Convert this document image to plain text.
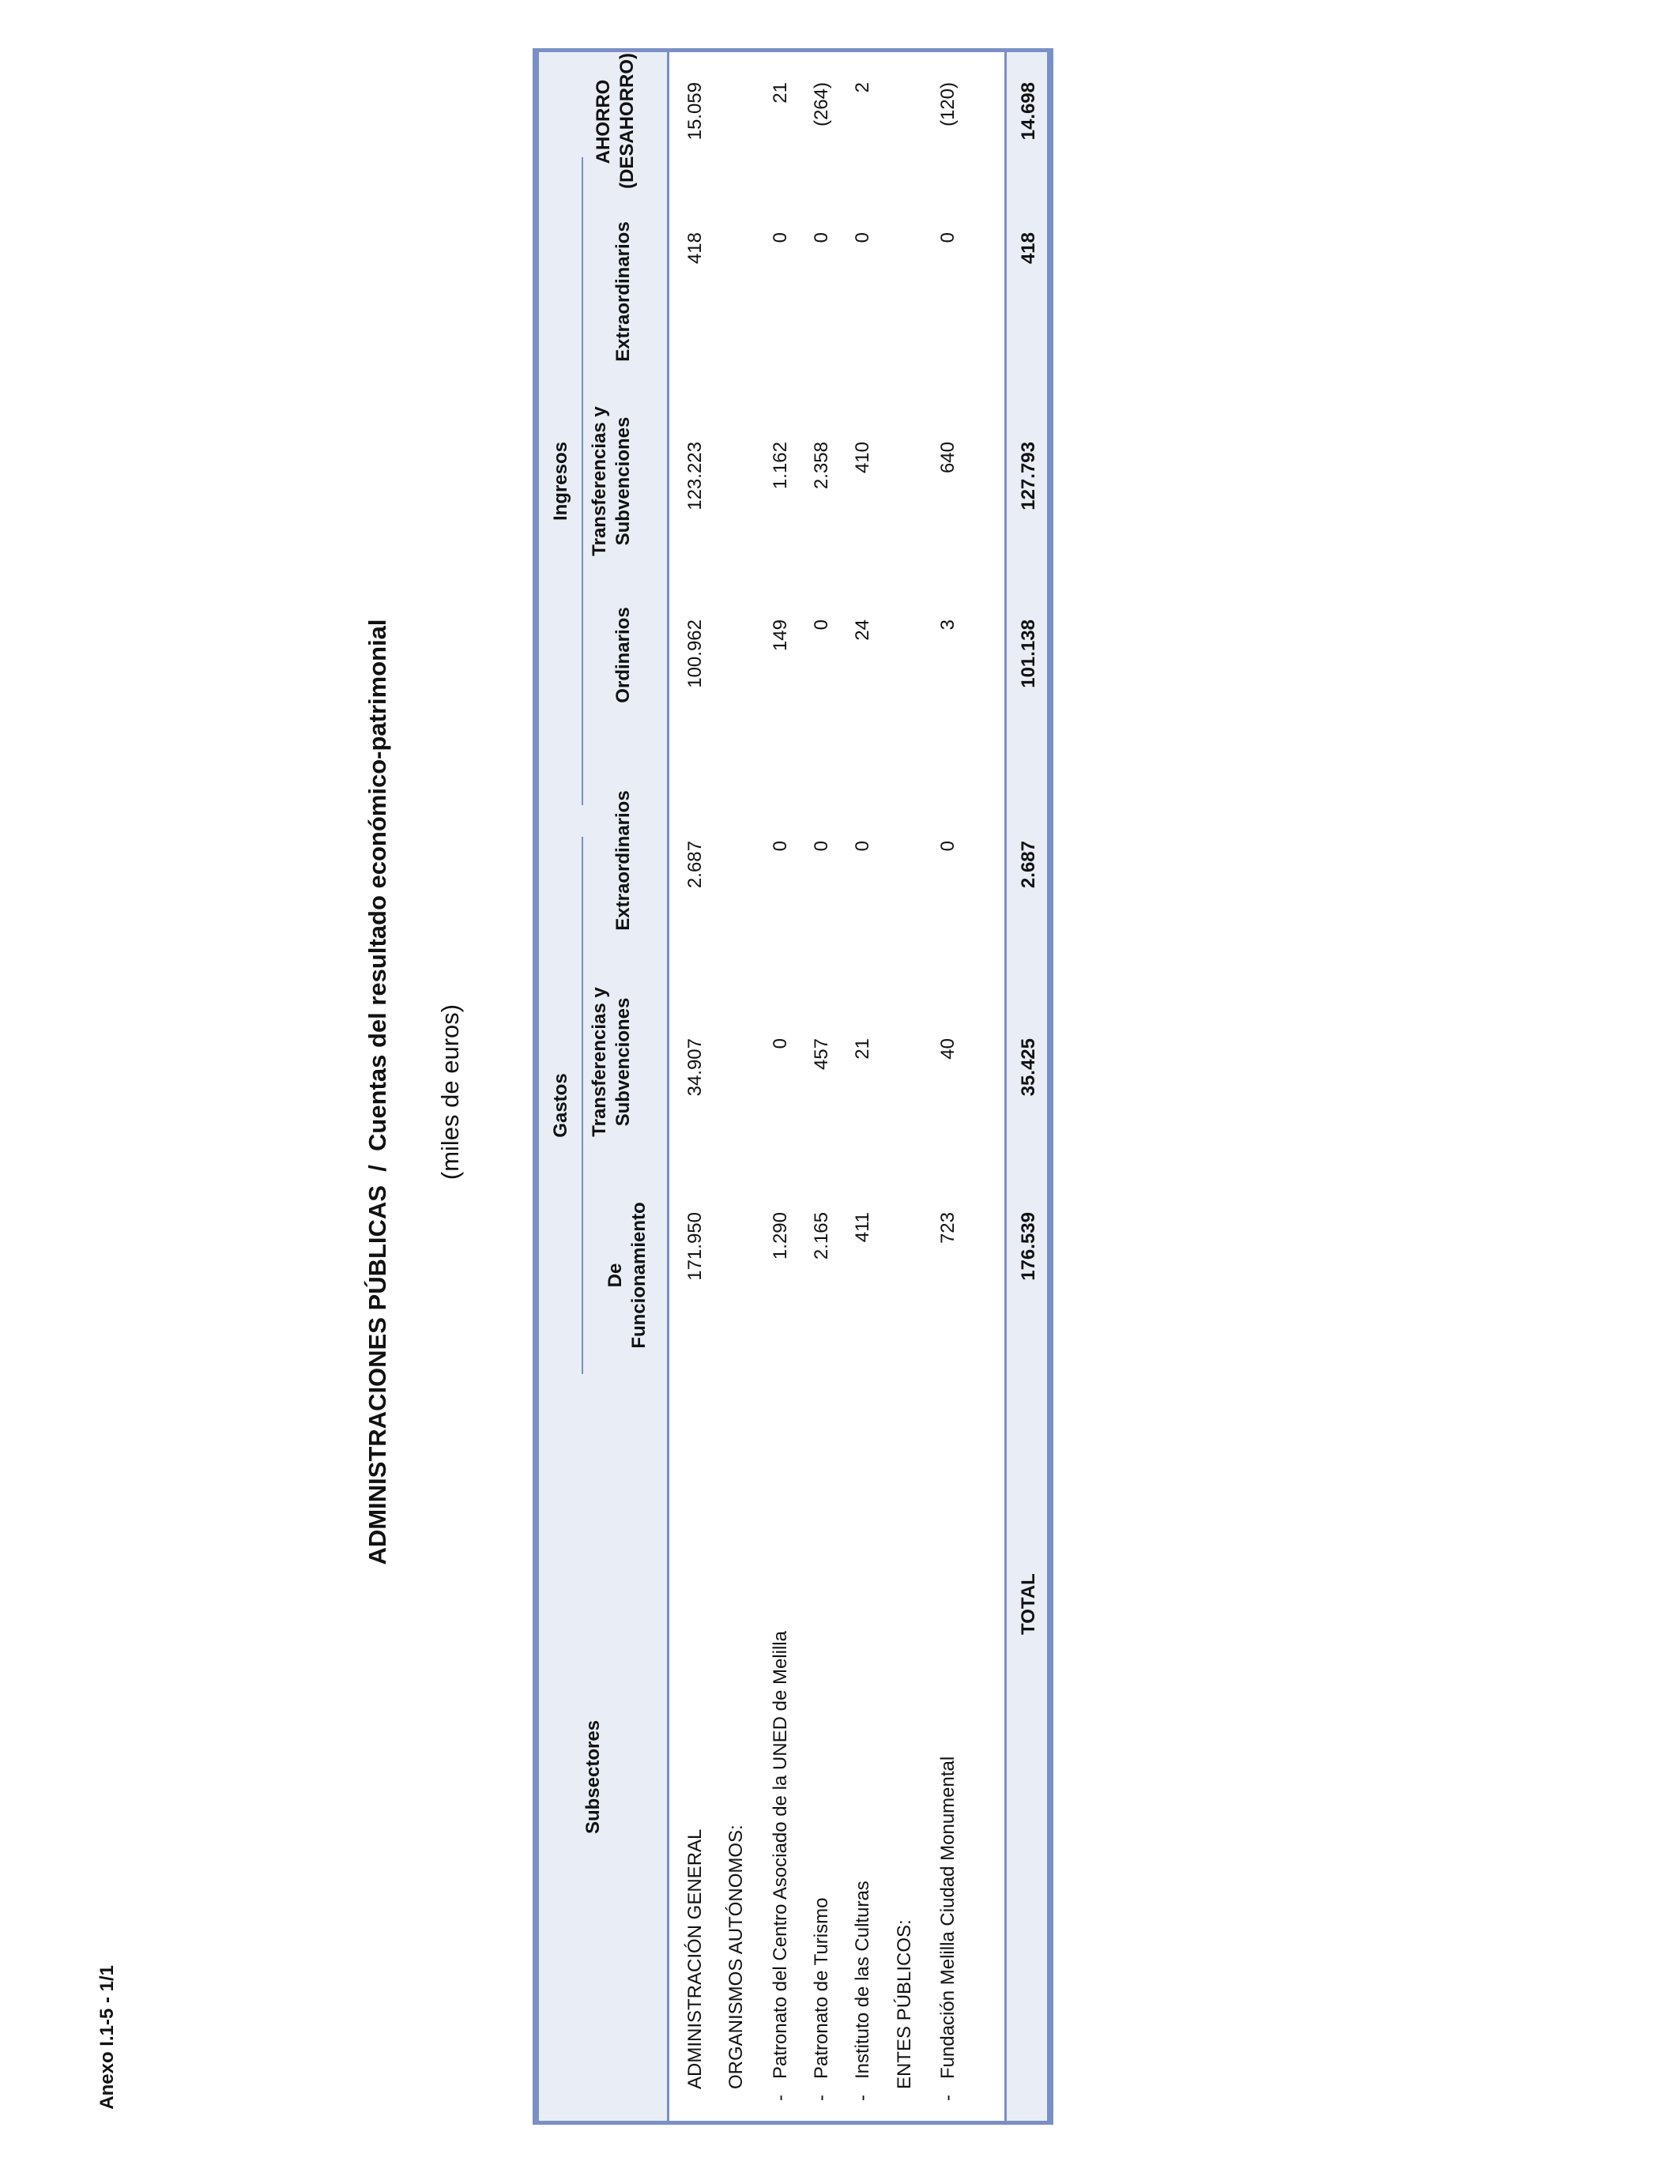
Anexo I.1-5 - 1/1
ADMINISTRACIONES PÚBLICAS  /  Cuentas del resultado económico-patrimonial (miles de euros)
Subsectores
Gastos
Ingresos
De Funcionamiento
Transferencias y Subvenciones
Extraordinarios
Ordinarios
Transferencias y Subvenciones
Extraordinarios
AHORRO (DESAHORRO)
ADMINISTRACIÓN GENERAL
171.950
34.907
2.687
100.962
123.223
418
15.059
ORGANISMOS AUTÓNOMOS:
-
Patronato del Centro Asociado de la UNED de Melilla
1.290
0
0
149
1.162
0
21
-
Patronato de Turismo
2.165
457
0
0
2.358
0
(264)
-
Instituto de las Culturas
411
21
0
24
410
0
2
ENTES PÚBLICOS:
-
Fundación Melilla Ciudad Monumental
723
40
0
3
640
0
(120)
TOTAL
176.539
35.425
2.687
101.138
127.793
418
14.698
